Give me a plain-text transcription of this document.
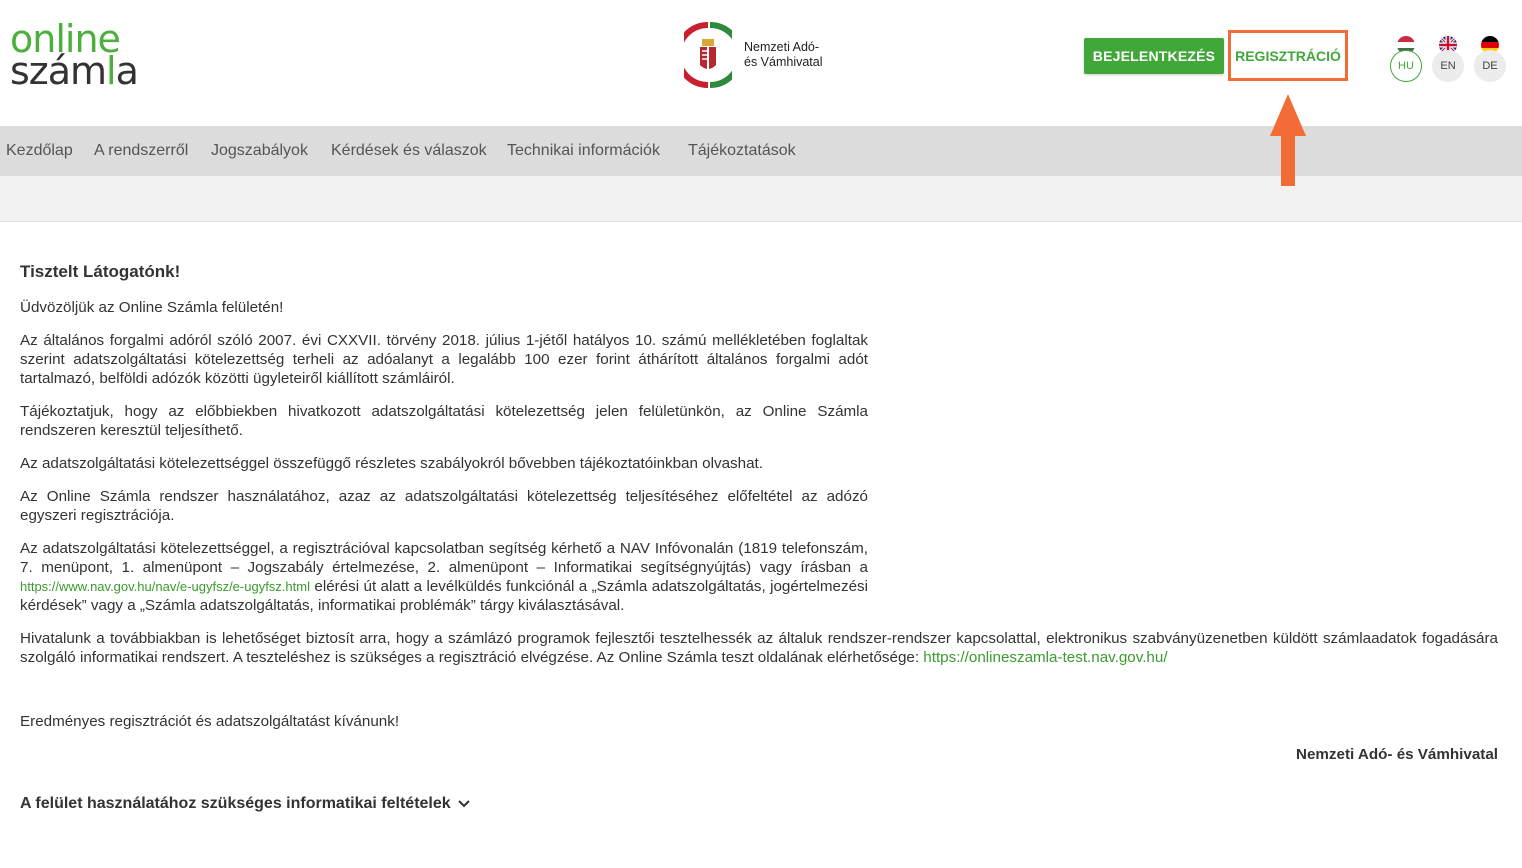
online
számla
Nemzeti Adó-
és Vámhivatal	BEJELENTKEZÉS	REGISZTRÁCIÓ
HU	EN	DE
Kezdőlap A rendszerről Jogszabályok Kérdések és válaszok Technikai információk Tájékoztatások
Tisztelt Látogatónk!

Üdvözöljük az Online Számla felületén!

Az általános forgalmi adóról szóló 2007. évi CXXVII. törvény 2018. július 1-jétől hatályos 10. számú mellékletében foglaltak szerint adatszolgáltatási kötelezettség terheli az adóalanyt a legalább 100 ezer forint áthárított általános forgalmi adót tartalmazó, belföldi adózók közötti ügyleteiről kiállított számláiról.

Tájékoztatjuk, hogy az előbbiekben hivatkozott adatszolgáltatási kötelezettség jelen felületünkön, az Online Számla rendszeren keresztül teljesíthető.

Az adatszolgáltatási kötelezettséggel összefüggő részletes szabályokról bővebben tájékoztatóinkban olvashat.

Az Online Számla rendszer használatához, azaz az adatszolgáltatási kötelezettség teljesítéséhez előfeltétel az adózó egyszeri regisztrációja.

Az adatszolgáltatási kötelezettséggel, a regisztrációval kapcsolatban segítség kérhető a NAV Infóvonalán (1819 telefonszám, 7. menüpont, 1. almenüpont – Jogszabály értelmezése, 2. almenüpont – Informatikai segítségnyújtás) vagy írásban a https://www.nav.gov.hu/nav/e-ugyfsz/e-ugyfsz.html elérési út alatt a levélküldés funkciónál a „Számla adatszolgáltatás, jogértelmezési kérdések” vagy a „Számla adatszolgáltatás, informatikai problémák” tárgy kiválasztásával.

Hivatalunk a továbbiakban is lehetőséget biztosít arra, hogy a számlázó programok fejlesztői tesztelhessék az általuk rendszer-rendszer kapcsolattal, elektronikus szabványüzenetben küldött számlaadatok fogadására szolgáló informatikai rendszert. A teszteléshez is szükséges a regisztráció elvégzése. Az Online Számla teszt oldalának elérhetősége: https://onlineszamla-test.nav.gov.hu/

Eredményes regisztrációt és adatszolgáltatást kívánunk!

Nemzeti Adó- és Vámhivatal
A felület használatához szükséges informatikai feltételek
